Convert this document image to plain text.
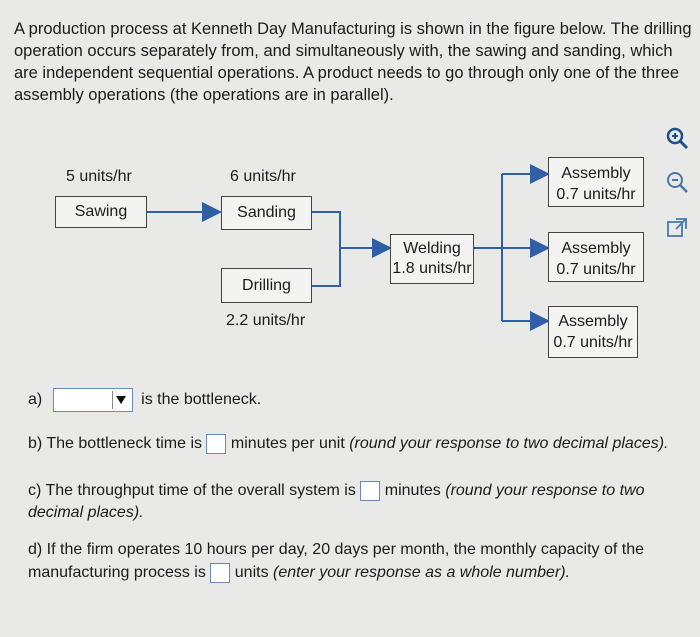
A production process at Kenneth Day Manufacturing is shown in the figure below. The drilling operation occurs separately from, and simultaneously with, the sawing and sanding, which are independent sequential operations. A product needs to go through only one of the three assembly operations (the operations are in parallel).
5 units/hr
Sawing
6 units/hr
Sanding
Drilling
2.2 units/hr
Welding
1.8 units/hr
Assembly
0.7 units/hr
Assembly
0.7 units/hr
Assembly
0.7 units/hr
a)	is the bottleneck.
b) The bottleneck time is minutes per unit (round your response to two decimal places).
c) The throughput time of the overall system is minutes (round your response to two
decimal places).
d) If the firm operates 10 hours per day, 20 days per month, the monthly capacity of the
manufacturing process is units (enter your response as a whole number).
